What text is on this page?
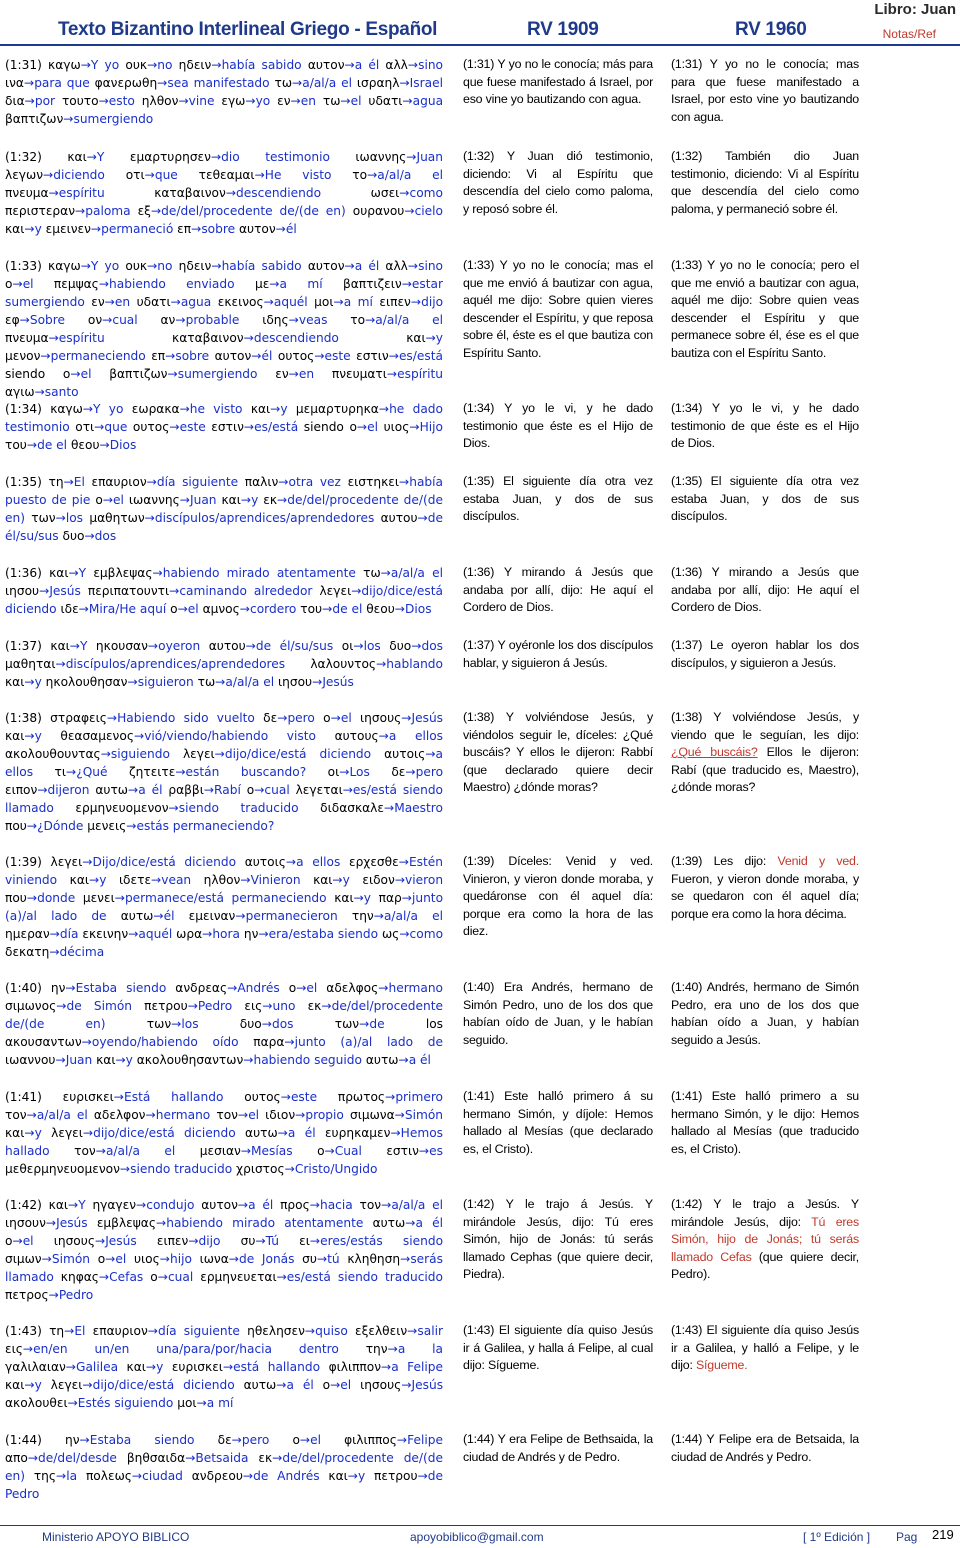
Texto Bizantino Interlineal Griego - Español	RV 1909	RV 1960
Libro: Juan
Notas/Ref
(1:31) καγω→Y yo ουκ→no ηδειν→había sabido αυτον→a él αλλ→sino ινα→para que φανερωθη→sea manifestado τω→a/al/a el ισραηλ→Israel δια→por τουτο→esto ηλθον→vine εγω→yo εν→en τω→el υδατι→agua βαπτιζων→sumergiendo
(1:31) Y yo no le conocía; más para que fuese manifestado á Israel, por eso vine yo bautizando con agua.
(1:31) Y yo no le conocía; mas para que fuese manifestado a Israel, por esto vine yo bautizando con agua.
(1:32) και→Y εμαρτυρησεν→dio testimonio ιωαννης→Juan λεγων→diciendo οτι→que τεθεαμαι→He visto το→a/al/a el πνευμα→espíritu	καταβαινον→descendiendo	ωσει→como περιστεραν→paloma εξ→de/del/procedente de/(de en) ουρανου→cielo και→y εμεινεν→permaneció επ→sobre αυτον→él
(1:32) Y Juan dió testimonio, diciendo: Vi al Espíritu que descendía del cielo como paloma, y reposó sobre él.
(1:32) También dio Juan testimonio, diciendo: Vi al Espíritu que descendía del cielo como paloma, y permaneció sobre él.
(1:33) καγω→Y yo ουκ→no ηδειν→había sabido αυτον→a él αλλ→sino ο→el πεμψας→habiendo enviado με→a mí βαπτιζειν→estar sumergiendo εν→en υδατι→agua εκεινος→aquél μοι→a mí ειπεν→dijo εφ→Sobre ον→cual αν→probable ιδης→veas το→a/al/a el πνευμα→espíritu	καταβαινον→descendiendo	και→y μενον→permaneciendo επ→sobre αυτον→él ουτος→este εστιν→es/está siendo ο→el βαπτιζων→sumergiendo εν→en πνευματι→espíritu αγιω→santo
(1:33) Y yo no le conocía; mas el que me envió á bautizar con agua, aquél me dijo: Sobre quien vieres descender el Espíritu, y que reposa sobre él, éste es el que bautiza con Espíritu Santo.
(1:33) Y yo no le conocía; pero el que me envió a bautizar con agua, aquél me dijo: Sobre quien veas descender el Espíritu y que permanece sobre él, ése es el que bautiza con el Espíritu Santo.
(1:34) καγω→Y yo εωρακα→he visto και→y μεμαρτυρηκα→he dado testimonio οτι→que ουτος→este εστιν→es/está siendo ο→el υιος→Hijo του→de el θεου→Dios
(1:34) Y yo le vi, y he dado testimonio que éste es el Hijo de Dios.
(1:34) Y yo le vi, y he dado testimonio de que éste es el Hijo de Dios.
(1:35) τη→El επαυριον→día siguiente παλιν→otra vez ειστηκει→había puesto de pie ο→el ιωαννης→Juan και→y εκ→de/del/procedente de/(de en) των→los μαθητων→discípulos/aprendices/aprendedores αυτου→de él/su/sus δυο→dos
(1:35) El siguiente día otra vez estaba Juan, y dos de sus discípulos.
(1:35) El siguiente día otra vez estaba Juan, y dos de sus discípulos.
(1:36) και→Y εμβλεψας→habiendo mirado atentamente τω→a/al/a el ιησου→Jesús περιπατουντι→caminando alrededor λεγει→dijo/dice/está diciendo ιδε→Mira/He aquí ο→el αμνος→cordero του→de el θεου→Dios
(1:36) Y mirando á Jesús que andaba por allí, dijo: He aquí el Cordero de Dios.
(1:36) Y mirando a Jesús que andaba por allí, dijo: He aquí el Cordero de Dios.
(1:37) και→Y ηκουσαν→oyeron αυτου→de él/su/sus οι→los δυο→dos μαθηται→discípulos/aprendices/aprendedores λαλουντος→hablando και→y ηκολουθησαν→siguieron τω→a/al/a el ιησου→Jesús
(1:37) Y oyéronle los dos discípulos hablar, y siguieron á Jesús.
(1:37) Le oyeron hablar los dos discípulos, y siguieron a Jesús.
(1:38) στραφεις→Habiendo sido vuelto δε→pero ο→el ιησους→Jesús και→y θεασαμενος→vió/viendo/habiendo visto αυτους→a ellos ακολουθουντας→siguiendo λεγει→dijo/dice/está diciendo αυτοις→a ellos τι→¿Qué ζητειτε→están buscando? οι→Los δε→pero ειπον→dijeron αυτω→a él ραββι→Rabí ο→cual λεγεται→es/está siendo llamado ερμηνευομενον→siendo traducido διδασκαλε→Maestro που→¿Dónde μενεις→estás permaneciendo?
(1:38) Y volviéndose Jesús, y viéndolos seguir le, díceles: ¿Qué buscáis? Y ellos le dijeron: Rabbí (que declarado quiere decir Maestro) ¿dónde moras?
(1:38) Y volviéndose Jesús, y viendo que le seguían, les dijo: ¿Qué buscáis? Ellos le dijeron: Rabí (que traducido es, Maestro), ¿dónde moras?
(1:39) λεγει→Dijo/dice/está diciendo αυτοις→a ellos ερχεσθε→Estén viniendo και→y ιδετε→vean ηλθον→Vinieron και→y ειδον→vieron που→donde μενει→permanece/está permaneciendo και→y παρ→junto (a)/al lado de αυτω→él εμειναν→permanecieron την→a/al/a el ημεραν→día εκεινην→aquél ωρα→hora ην→era/estaba siendo ως→como δεκατη→décima
(1:39) Díceles: Venid y ved. Vinieron, y vieron donde moraba, y quedáronse con él aquel día: porque era como la hora de las diez.
(1:39) Les dijo: Venid y ved. Fueron, y vieron donde moraba, y se quedaron con él aquel día; porque era como la hora décima.
(1:40) ην→Estaba siendo ανδρεας→Andrés ο→el αδελφος→hermano σιμωνος→de Simón πετρου→Pedro εις→uno εκ→de/del/procedente de/(de en)	των→los	δυο→dos	των→de	los ακουσαντων→oyendo/habiendo oído παρα→junto (a)/al lado de ιωαννου→Juan και→y ακολουθησαντων→habiendo seguido αυτω→a él
(1:40) Era Andrés, hermano de Simón Pedro, uno de los dos que habían oído de Juan, y le habían seguido.
(1:40) Andrés, hermano de Simón Pedro, era uno de los dos que habían oído a Juan, y habían seguido a Jesús.
(1:41) ευρισκει→Está hallando ουτος→este πρωτος→primero τον→a/al/a el αδελφον→hermano τον→el ιδιον→propio σιμωνα→Simón και→y λεγει→dijo/dice/está diciendo αυτω→a él ευρηκαμεν→Hemos hallado τον→a/al/a el μεσιαν→Mesías ο→Cual εστιν→es μεθερμηνευομενον→siendo traducido χριστος→Cristo/Ungido
(1:41) Este halló primero á su hermano Simón, y díjole: Hemos hallado al Mesías (que declarado es, el Cristo).
(1:41) Este halló primero a su hermano Simón, y le dijo: Hemos hallado al Mesías (que traducido es, el Cristo).
(1:42) και→Y ηγαγεν→condujo αυτον→a él προς→hacia τον→a/al/a el ιησουν→Jesús εμβλεψας→habiendo mirado atentamente αυτω→a él ο→el ιησους→Jesús ειπεν→dijo συ→Tú ει→eres/estás siendo σιμων→Simón ο→el υιος→hijo ιωνα→de Jonás συ→tú κληθηση→serás llamado κηφας→Cefas ο→cual ερμηνευεται→es/está siendo traducido πετρος→Pedro
(1:42) Y le trajo á Jesús. Y mirándole Jesús, dijo: Tú eres Simón, hijo de Jonás: tú serás llamado Cephas (que quiere decir, Piedra).
(1:42) Y le trajo a Jesús. Y mirándole Jesús, dijo: Tú eres Simón, hijo de Jonás; tú serás llamado Cefas (que quiere decir, Pedro).
(1:43) τη→El επαυριον→día siguiente ηθελησεν→quiso εξελθειν→salir εις→en/en un/en una/para/por/hacia dentro την→a la γαλιλαιαν→Galilea και→y ευρισκει→está hallando φιλιππον→a Felipe και→y λεγει→dijo/dice/está diciendo αυτω→a él ο→el ιησους→Jesús ακολουθει→Estés siguiendo μοι→a mí
(1:43) El siguiente día quiso Jesús ir á Galilea, y halla á Felipe, al cual dijo: Sígueme.
(1:43) El siguiente día quiso Jesús ir a Galilea, y halló a Felipe, y le dijo: Sígueme.
(1:44) ην→Estaba siendo δε→pero ο→el φιλιππος→Felipe απο→de/del/desde βηθσαιδα→Betsaida εκ→de/del/procedente de/(de en) της→la πολεως→ciudad ανδρεου→de Andrés και→y πετρου→de Pedro
(1:44) Y era Felipe de Bethsaida, la ciudad de Andrés y de Pedro.
(1:44) Y Felipe era de Betsaida, la ciudad de Andrés y Pedro.
Ministerio APOYO BIBLICO	apoyobiblico@gmail.com	[ 1º Edición ] Pag 219
